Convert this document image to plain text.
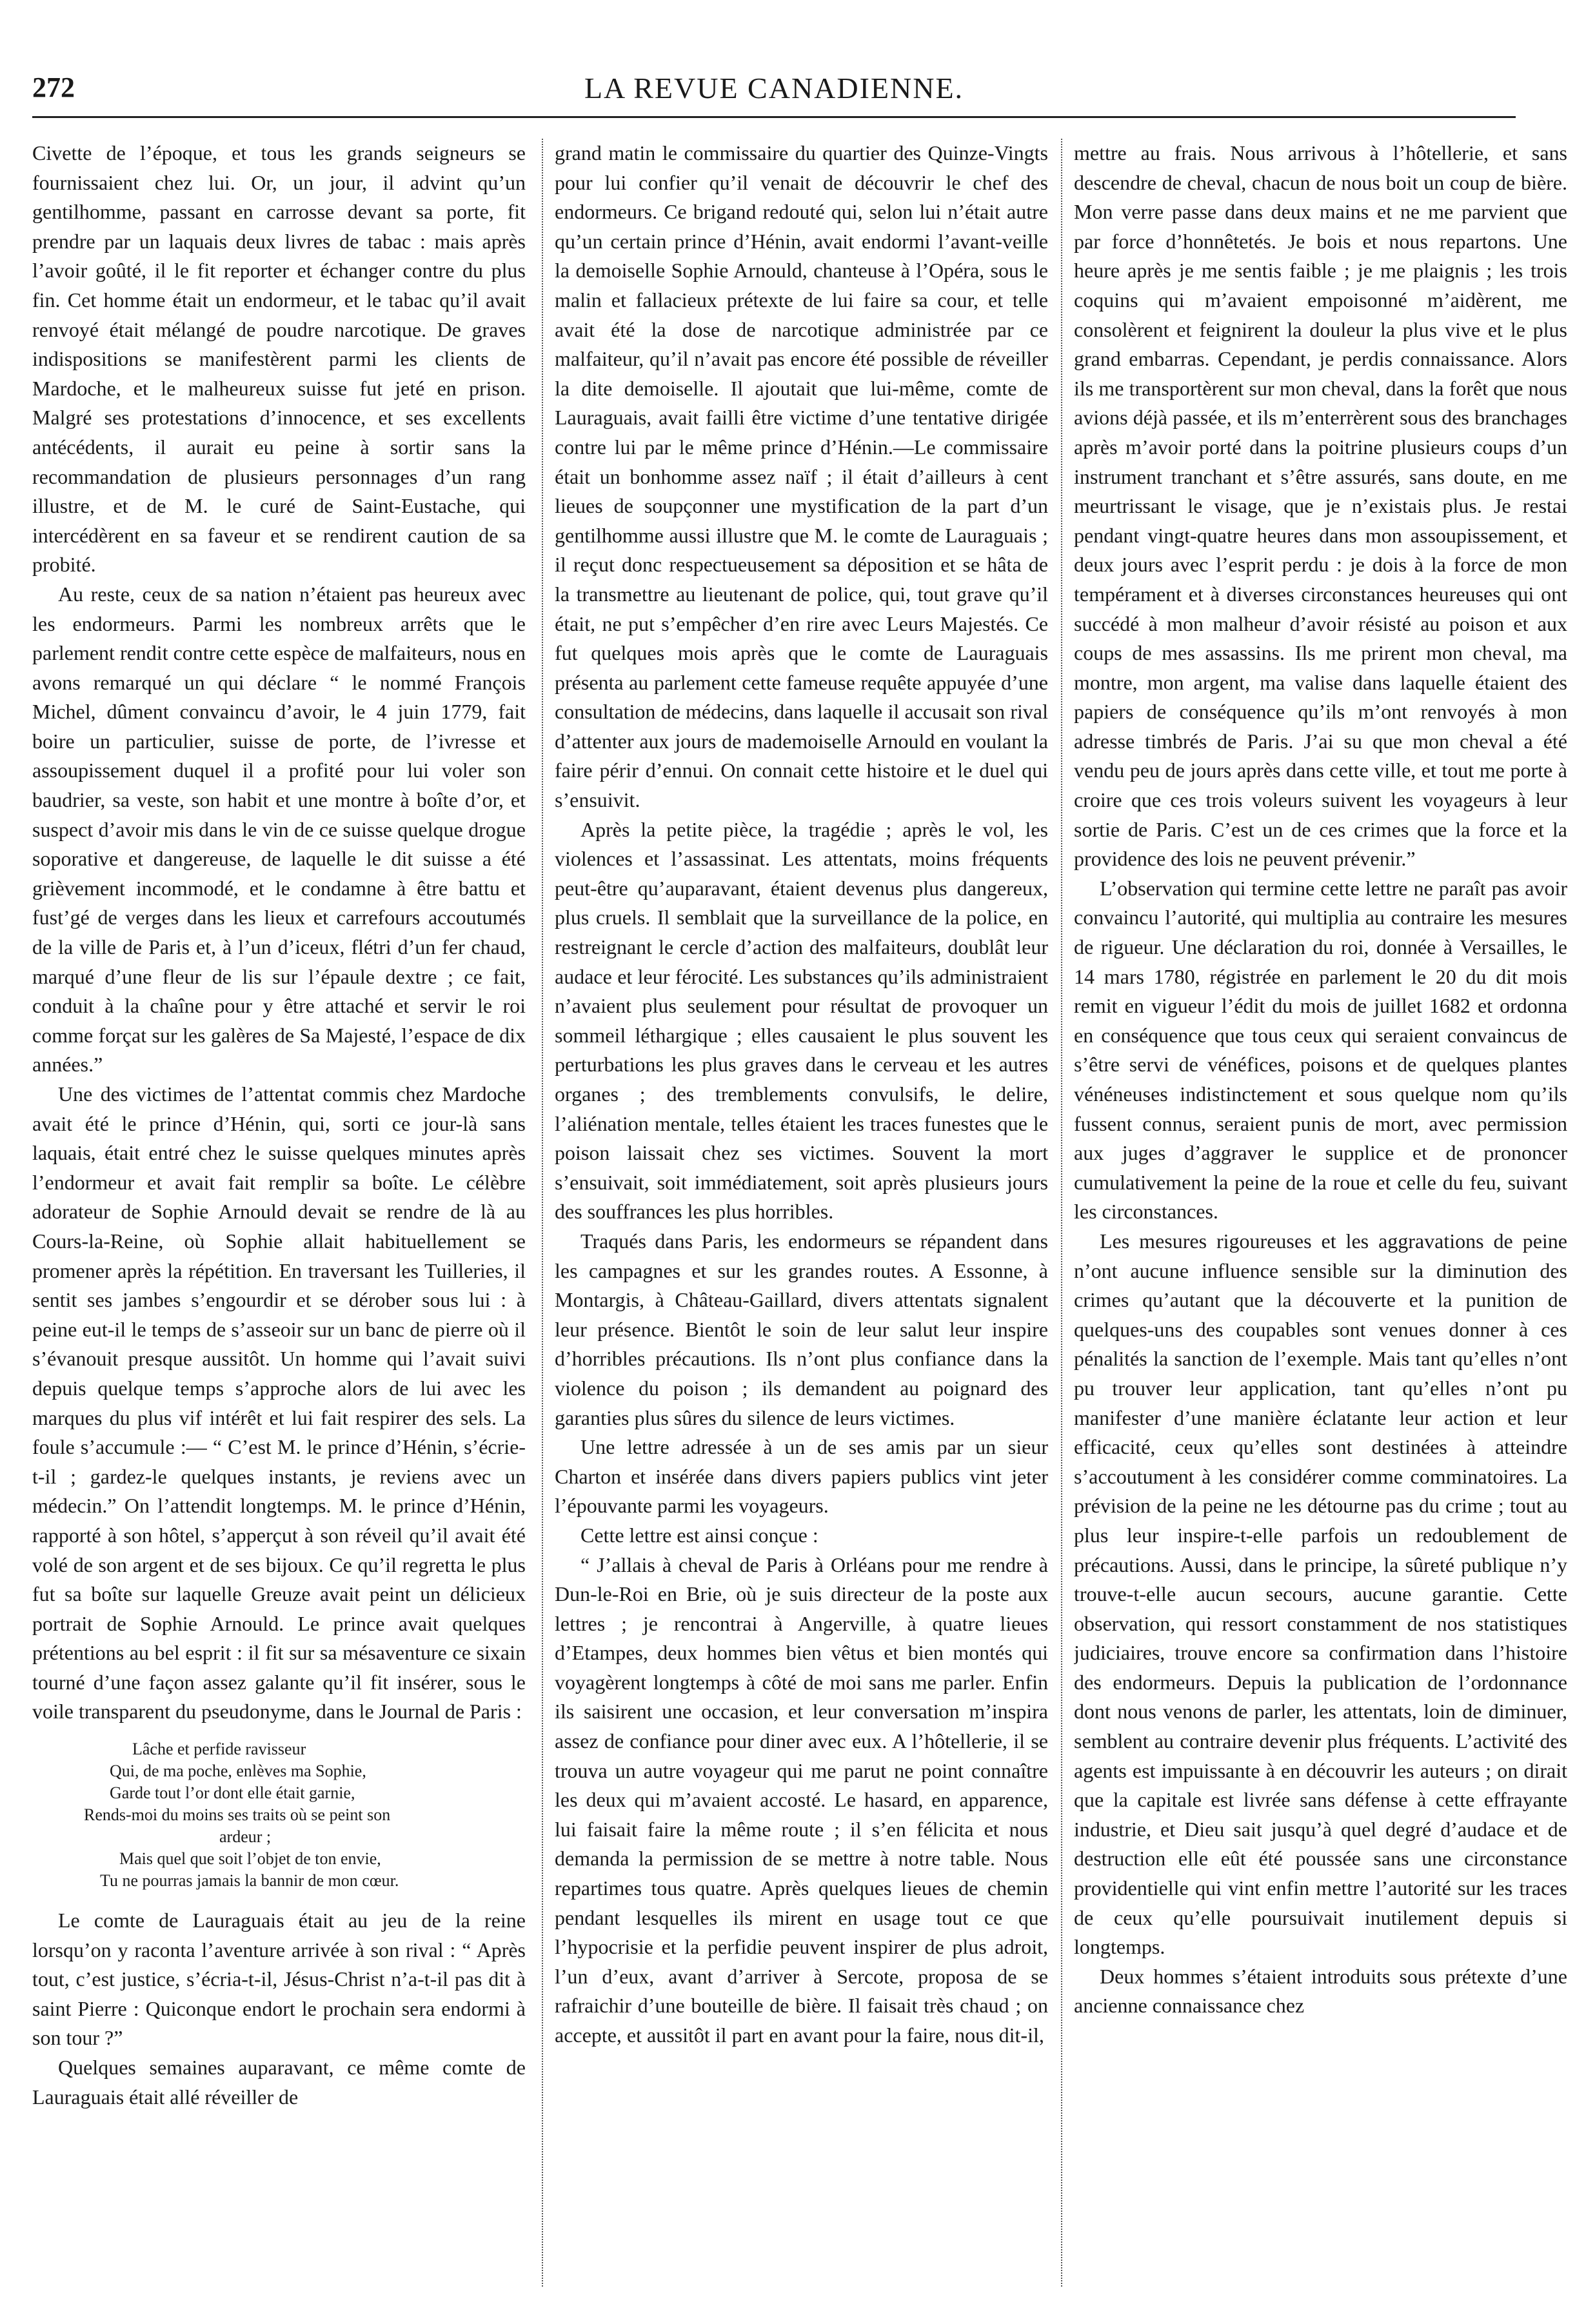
272	LA REVUE CANADIENNE.

Civette de l’époque, et tous les grands seigneurs se fournissaient chez lui. Or, un jour, il advint qu’un gentilhomme, passant en carrosse devant sa porte, fit prendre par un laquais deux livres de tabac : mais après l’avoir goûté, il le fit reporter et échanger contre du plus fin. Cet homme était un endormeur, et le tabac qu’il avait renvoyé était mélangé de poudre narcotique. De graves indispositions se manifestèrent parmi les clients de Mardoche, et le malheureux suisse fut jeté en prison. Malgré ses protestations d’innocence, et ses excellents antécédents, il aurait eu peine à sortir sans la recommandation de plusieurs personnages d’un rang illustre, et de M. le curé de Saint-Eustache, qui intercédèrent en sa faveur et se rendirent caution de sa probité.

Au reste, ceux de sa nation n’étaient pas heureux avec les endormeurs. Parmi les nombreux arrêts que le parlement rendit contre cette espèce de malfaiteurs, nous en avons remarqué un qui déclare “ le nommé François Michel, dûment convaincu d’avoir, le 4 juin 1779, fait boire un particulier, suisse de porte, de l’ivresse et assoupissement duquel il a profité pour lui voler son baudrier, sa veste, son habit et une montre à boîte d’or, et suspect d’avoir mis dans le vin de ce suisse quelque drogue soporative et dangereuse, de laquelle le dit suisse a été grièvement incommodé, et le condamne à être battu et fust’gé de verges dans les lieux et carrefours accoutumés de la ville de Paris et, à l’un d’iceux, flétri d’un fer chaud, marqué d’une fleur de lis sur l’épaule dextre ; ce fait, conduit à la chaîne pour y être attaché et servir le roi comme forçat sur les galères de Sa Majesté, l’espace de dix années.”

Une des victimes de l’attentat commis chez Mardoche avait été le prince d’Hénin, qui, sorti ce jour-là sans laquais, était entré chez le suisse quelques minutes après l’endormeur et avait fait remplir sa boîte. Le célèbre adorateur de Sophie Arnould devait se rendre de là au Cours-la-Reine, où Sophie allait habituellement se promener après la répétition. En traversant les Tuilleries, il sentit ses jambes s’engourdir et se dérober sous lui : à peine eut-il le temps de s’asseoir sur un banc de pierre où il s’évanouit presque aussitôt. Un homme qui l’avait suivi depuis quelque temps s’approche alors de lui avec les marques du plus vif intérêt et lui fait respirer des sels. La foule s’accumule :— “ C’est M. le prince d’Hénin, s’écrie-t-il ; gardez-le quelques instants, je reviens avec un médecin.” On l’attendit longtemps. M. le prince d’Hénin, rapporté à son hôtel, s’apperçut à son réveil qu’il avait été volé de son argent et de ses bijoux. Ce qu’il regretta le plus fut sa boîte sur laquelle Greuze avait peint un délicieux portrait de Sophie Arnould. Le prince avait quelques prétentions au bel esprit : il fit sur sa mésaventure ce sixain tourné d’une façon assez galante qu’il fit insérer, sous le voile transparent du pseudonyme, dans le Journal de Paris :

Lâche et perfide ravisseur
Qui, de ma poche, enlèves ma Sophie,
Garde tout l’or dont elle était garnie,
Rends-moi du moins ses traits où se peint son
ardeur ;
Mais quel que soit l’objet de ton envie,
Tu ne pourras jamais la bannir de mon cœur.

Le comte de Lauraguais était au jeu de la reine lorsqu’on y raconta l’aventure arrivée à son rival : “ Après tout, c’est justice, s’écria-t-il, Jésus-Christ n’a-t-il pas dit à saint Pierre : Quiconque endort le prochain sera endormi à son tour ?”

Quelques semaines auparavant, ce même comte de Lauraguais était allé réveiller de

grand matin le commissaire du quartier des Quinze-Vingts pour lui confier qu’il venait de découvrir le chef des endormeurs. Ce brigand redouté qui, selon lui n’était autre qu’un certain prince d’Hénin, avait endormi l’avant-veille la demoiselle Sophie Arnould, chanteuse à l’Opéra, sous le malin et fallacieux prétexte de lui faire sa cour, et telle avait été la dose de narcotique administrée par ce malfaiteur, qu’il n’avait pas encore été possible de réveiller la dite demoiselle. Il ajoutait que lui-même, comte de Lauraguais, avait failli être victime d’une tentative dirigée contre lui par le même prince d’Hénin.—Le commissaire était un bonhomme assez naïf ; il était d’ailleurs à cent lieues de soupçonner une mystification de la part d’un gentilhomme aussi illustre que M. le comte de Lauraguais ; il reçut donc respectueusement sa déposition et se hâta de la transmettre au lieutenant de police, qui, tout grave qu’il était, ne put s’empêcher d’en rire avec Leurs Majestés. Ce fut quelques mois après que le comte de Lauraguais présenta au parlement cette fameuse requête appuyée d’une consultation de médecins, dans laquelle il accusait son rival d’attenter aux jours de mademoiselle Arnould en voulant la faire périr d’ennui. On connait cette histoire et le duel qui s’ensuivit.

Après la petite pièce, la tragédie ; après le vol, les violences et l’assassinat. Les attentats, moins fréquents peut-être qu’auparavant, étaient devenus plus dangereux, plus cruels. Il semblait que la surveillance de la police, en restreignant le cercle d’action des malfaiteurs, doublât leur audace et leur férocité. Les substances qu’ils administraient n’avaient plus seulement pour résultat de provoquer un sommeil léthargique ; elles causaient le plus souvent les perturbations les plus graves dans le cerveau et les autres organes ; des tremblements convulsifs, le delire, l’aliénation mentale, telles étaient les traces funestes que le poison laissait chez ses victimes. Souvent la mort s’ensuivait, soit immédiatement, soit après plusieurs jours des souffrances les plus horribles.

Traqués dans Paris, les endormeurs se répandent dans les campagnes et sur les grandes routes. A Essonne, à Montargis, à Château-Gaillard, divers attentats signalent leur présence. Bientôt le soin de leur salut leur inspire d’horribles précautions. Ils n’ont plus confiance dans la violence du poison ; ils demandent au poignard des garanties plus sûres du silence de leurs victimes.

Une lettre adressée à un de ses amis par un sieur Charton et insérée dans divers papiers publics vint jeter l’épouvante parmi les voyageurs.

Cette lettre est ainsi conçue :

“ J’allais à cheval de Paris à Orléans pour me rendre à Dun-le-Roi en Brie, où je suis directeur de la poste aux lettres ; je rencontrai à Angerville, à quatre lieues d’Etampes, deux hommes bien vêtus et bien montés qui voyagèrent longtemps à côté de moi sans me parler. Enfin ils saisirent une occasion, et leur conversation m’inspira assez de confiance pour diner avec eux. A l’hôtellerie, il se trouva un autre voyageur qui me parut ne point connaître les deux qui m’avaient accosté. Le hasard, en apparence, lui faisait faire la même route ; il s’en félicita et nous demanda la permission de se mettre à notre table. Nous repartimes tous quatre. Après quelques lieues de chemin pendant lesquelles ils mirent en usage tout ce que l’hypocrisie et la perfidie peuvent inspirer de plus adroit, l’un d’eux, avant d’arriver à Sercote, proposa de se rafraichir d’une bouteille de bière. Il faisait très chaud ; on accepte, et aussitôt il part en avant pour la faire, nous dit-il,

mettre au frais. Nous arrivous à l’hôtellerie, et sans descendre de cheval, chacun de nous boit un coup de bière. Mon verre passe dans deux mains et ne me parvient que par force d’honnêtetés. Je bois et nous repartons. Une heure après je me sentis faible ; je me plaignis ; les trois coquins qui m’avaient empoisonné m’aidèrent, me consolèrent et feignirent la douleur la plus vive et le plus grand embarras. Cependant, je perdis connaissance. Alors ils me transportèrent sur mon cheval, dans la forêt que nous avions déjà passée, et ils m’enterrèrent sous des branchages après m’avoir porté dans la poitrine plusieurs coups d’un instrument tranchant et s’être assurés, sans doute, en me meurtrissant le visage, que je n’existais plus. Je restai pendant vingt-quatre heures dans mon assoupissement, et deux jours avec l’esprit perdu : je dois à la force de mon tempérament et à diverses circonstances heureuses qui ont succédé à mon malheur d’avoir résisté au poison et aux coups de mes assassins. Ils me prirent mon cheval, ma montre, mon argent, ma valise dans laquelle étaient des papiers de conséquence qu’ils m’ont renvoyés à mon adresse timbrés de Paris. J’ai su que mon cheval a été vendu peu de jours après dans cette ville, et tout me porte à croire que ces trois voleurs suivent les voyageurs à leur sortie de Paris. C’est un de ces crimes que la force et la providence des lois ne peuvent prévenir.”

L’observation qui termine cette lettre ne paraît pas avoir convaincu l’autorité, qui multiplia au contraire les mesures de rigueur. Une déclaration du roi, donnée à Versailles, le 14 mars 1780, régistrée en parlement le 20 du dit mois remit en vigueur l’édit du mois de juillet 1682 et ordonna en conséquence que tous ceux qui seraient convaincus de s’être servi de vénéfices, poisons et de quelques plantes vénéneuses indistinctement et sous quelque nom qu’ils fussent connus, seraient punis de mort, avec permission aux juges d’aggraver le supplice et de prononcer cumulativement la peine de la roue et celle du feu, suivant les circonstances.

Les mesures rigoureuses et les aggravations de peine n’ont aucune influence sensible sur la diminution des crimes qu’autant que la découverte et la punition de quelques-uns des coupables sont venues donner à ces pénalités la sanction de l’exemple. Mais tant qu’elles n’ont pu trouver leur application, tant qu’elles n’ont pu manifester d’une manière éclatante leur action et leur efficacité, ceux qu’elles sont destinées à atteindre s’accoutument à les considérer comme comminatoires. La prévision de la peine ne les détourne pas du crime ; tout au plus leur inspire-t-elle parfois un redoublement de précautions. Aussi, dans le principe, la sûreté publique n’y trouve-t-elle aucun secours, aucune garantie. Cette observation, qui ressort constamment de nos statistiques judiciaires, trouve encore sa confirmation dans l’histoire des endormeurs. Depuis la publication de l’ordonnance dont nous venons de parler, les attentats, loin de diminuer, semblent au contraire devenir plus fréquents. L’activité des agents est impuissante à en découvrir les auteurs ; on dirait que la capitale est livrée sans défense à cette effrayante industrie, et Dieu sait jusqu’à quel degré d’audace et de destruction elle eût été poussée sans une circonstance providentielle qui vint enfin mettre l’autorité sur les traces de ceux qu’elle poursuivait inutilement depuis si longtemps.

Deux hommes s’étaient introduits sous prétexte d’une ancienne connaissance chez
